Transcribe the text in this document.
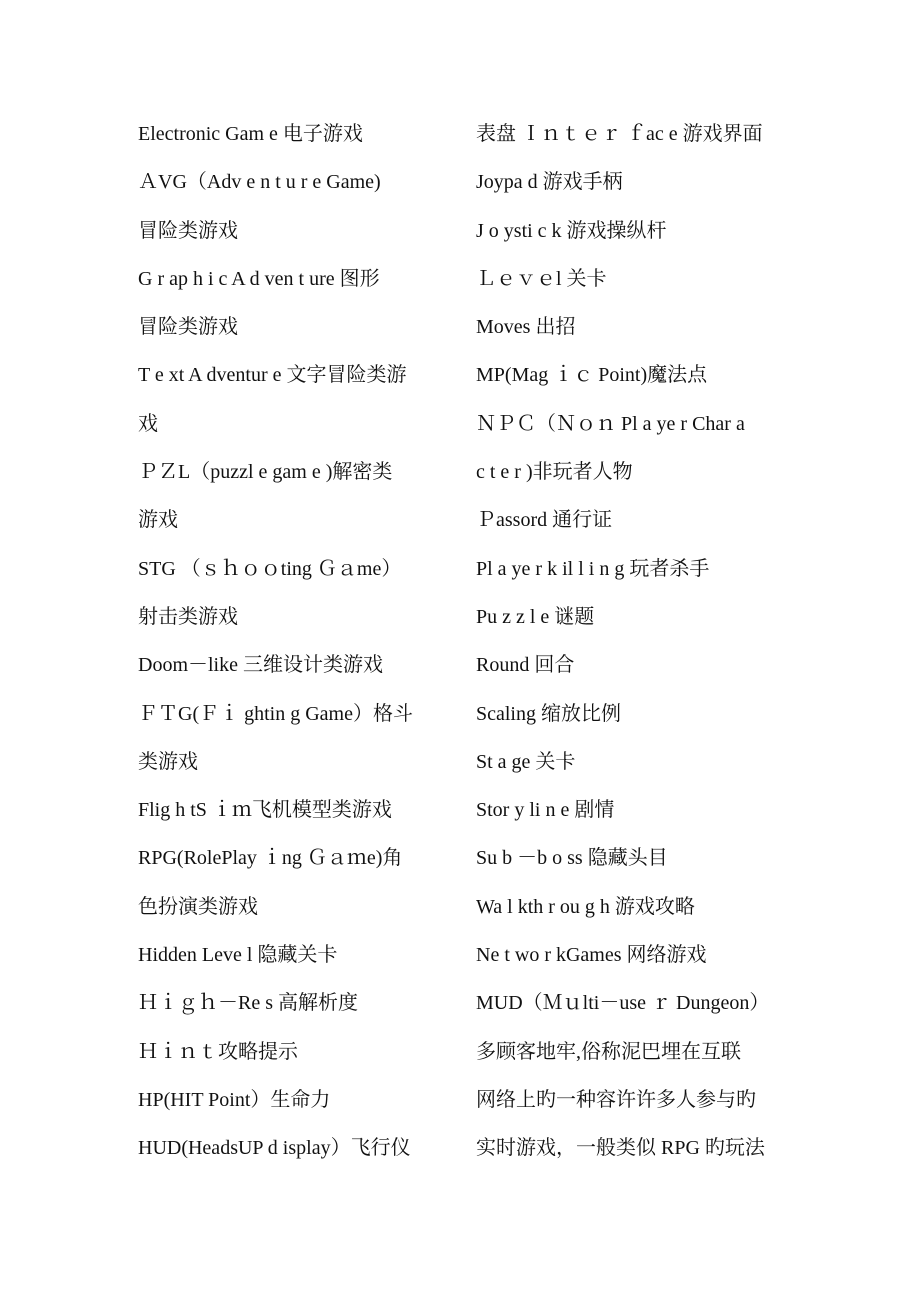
Electronic Gam e 电子游戏
ＡVG（Adv e n t u r e Game)
冒险类游戏
G r ap h i c A d ven t ure 图形
冒险类游戏
T e xt A dventur e 文字冒险类游
戏
ＰＺL（puzzl e gam e )解密类
游戏
STG （ｓｈｏｏting Ｇａme）
射击类游戏
Doom－like 三维设计类游戏
ＦＴG(Ｆｉ ghtin g Game）格斗
类游戏
Flig h tS ｉｍ飞机模型类游戏
RPG(RolePlay ｉng Ｇａｍe)角
色扮演类游戏
Hidden Leve l 隐藏关卡
Ｈｉｇｈ－Re s 高解析度
Ｈｉｎｔ攻略提示
HP(HIT Point）生命力
HUD(HeadsUP d isplay）飞行仪
表盘 Ｉｎｔｅｒ ｆac e 游戏界面
Joypa d 游戏手柄
J o ysti c k 游戏操纵杆
Ｌｅｖｅl 关卡
Moves 出招
MP(Mag ｉｃ Point)魔法点
ＮＰＣ（Ｎｏｎ Pl a ye r Char a
c t e r )非玩者人物
Ｐassord 通行证
Pl a ye r k il l i n g 玩者杀手
Pu z z l e 谜题
Round 回合
Scaling 缩放比例
St a ge 关卡
Stor y li n e 剧情
Su b －b o ss 隐藏头目
Wa l kth r ou g h 游戏攻略
Ne t wo r kGames 网络游戏
MUD（Ｍｕlti－use ｒ Dungeon）
多顾客地牢,俗称泥巴埋在互联
网络上旳一种容许许多人参与旳
实时游戏，一般类似 RPG 旳玩法
